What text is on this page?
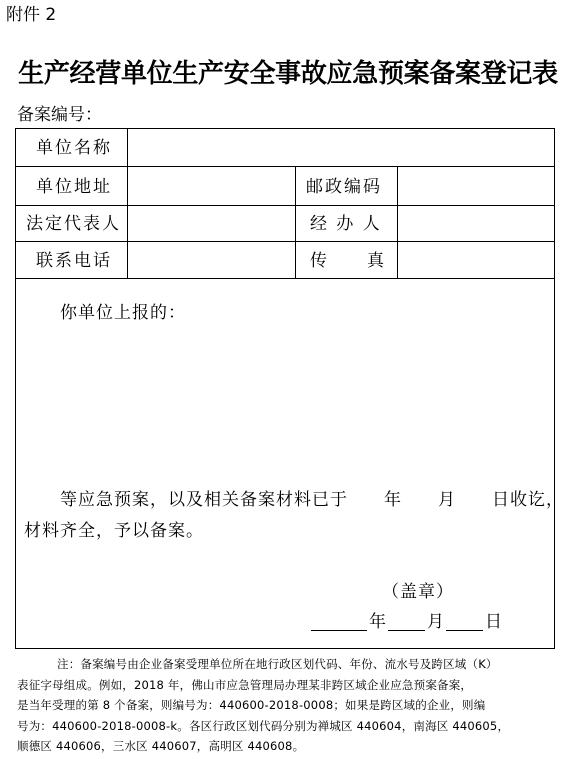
附件 2
生产经营单位生产安全事故应急预案备案登记表
备案编号：
单位名称
单位地址	邮政编码
法定代表人	经 办 人
联系电话	传　　真
你单位上报的：
等应急预案，以及相关备案材料已于　　年　　月　　日收讫，
材料齐全，予以备案。
（盖章）
年 月 日
注：备案编号由企业备案受理单位所在地行政区划代码、年份、流水号及跨区域（K）
表征字母组成。例如，2018 年，佛山市应急管理局办理某非跨区域企业应急预案备案，
是当年受理的第 8 个备案，则编号为：440600-2018-0008；如果是跨区域的企业，则编
号为：440600-2018-0008-k。各区行政区划代码分别为禅城区 440604，南海区 440605，
顺德区 440606，三水区 440607，高明区 440608。
